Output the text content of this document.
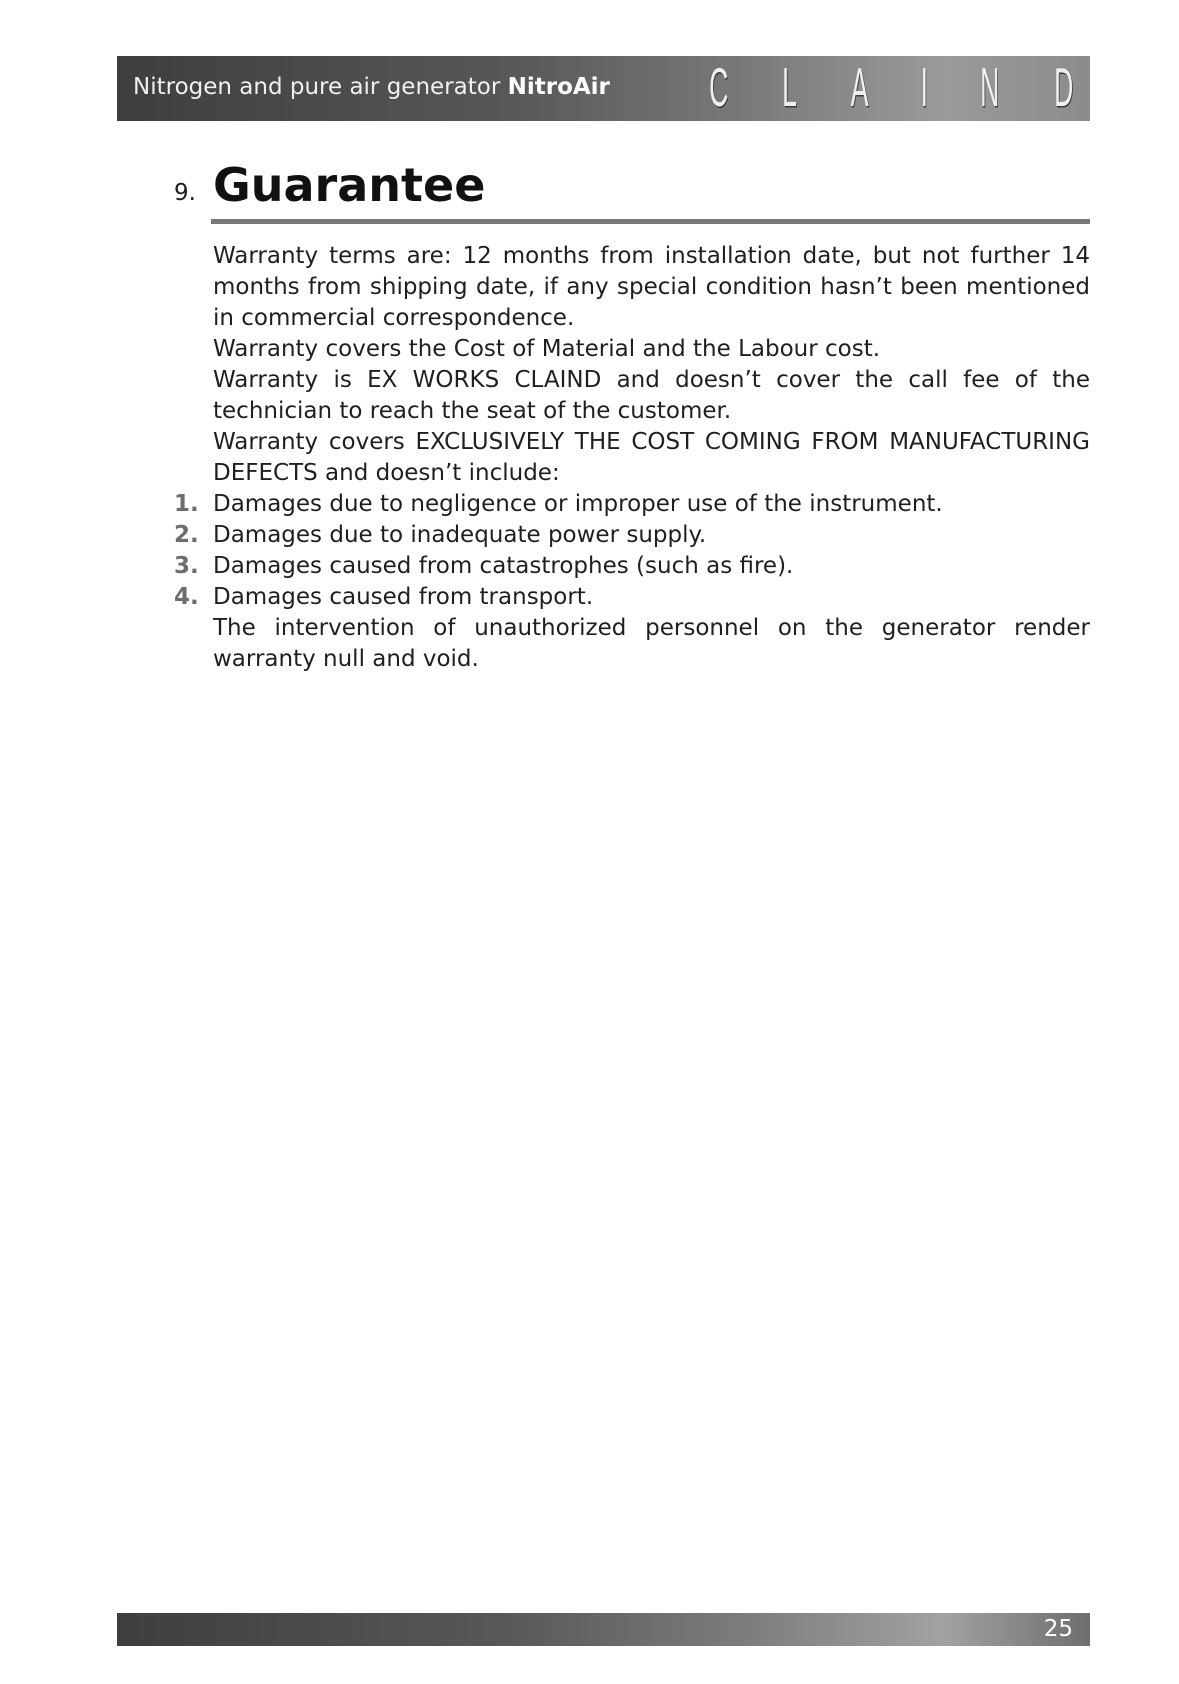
Nitrogen and pure air generator NitroAir	C L A I N D
9. Guarantee

Warranty terms are: 12 months from installation date, but not further 14 months from shipping date, if any special condition hasn’t been mentioned in commercial correspondence.

Warranty covers the Cost of Material and the Labour cost.

Warranty is EX WORKS CLAIND and doesn’t cover the call fee of the technician to reach the seat of the customer.

Warranty covers EXCLUSIVELY THE COST COMING FROM MANUFACTURING DEFECTS and doesn’t include:

1. Damages due to negligence or improper use of the instrument.
2. Damages due to inadequate power supply.
3. Damages caused from catastrophes (such as fire).
4. Damages caused from transport.

The intervention of unauthorized personnel on the generator render warranty null and void.

25
